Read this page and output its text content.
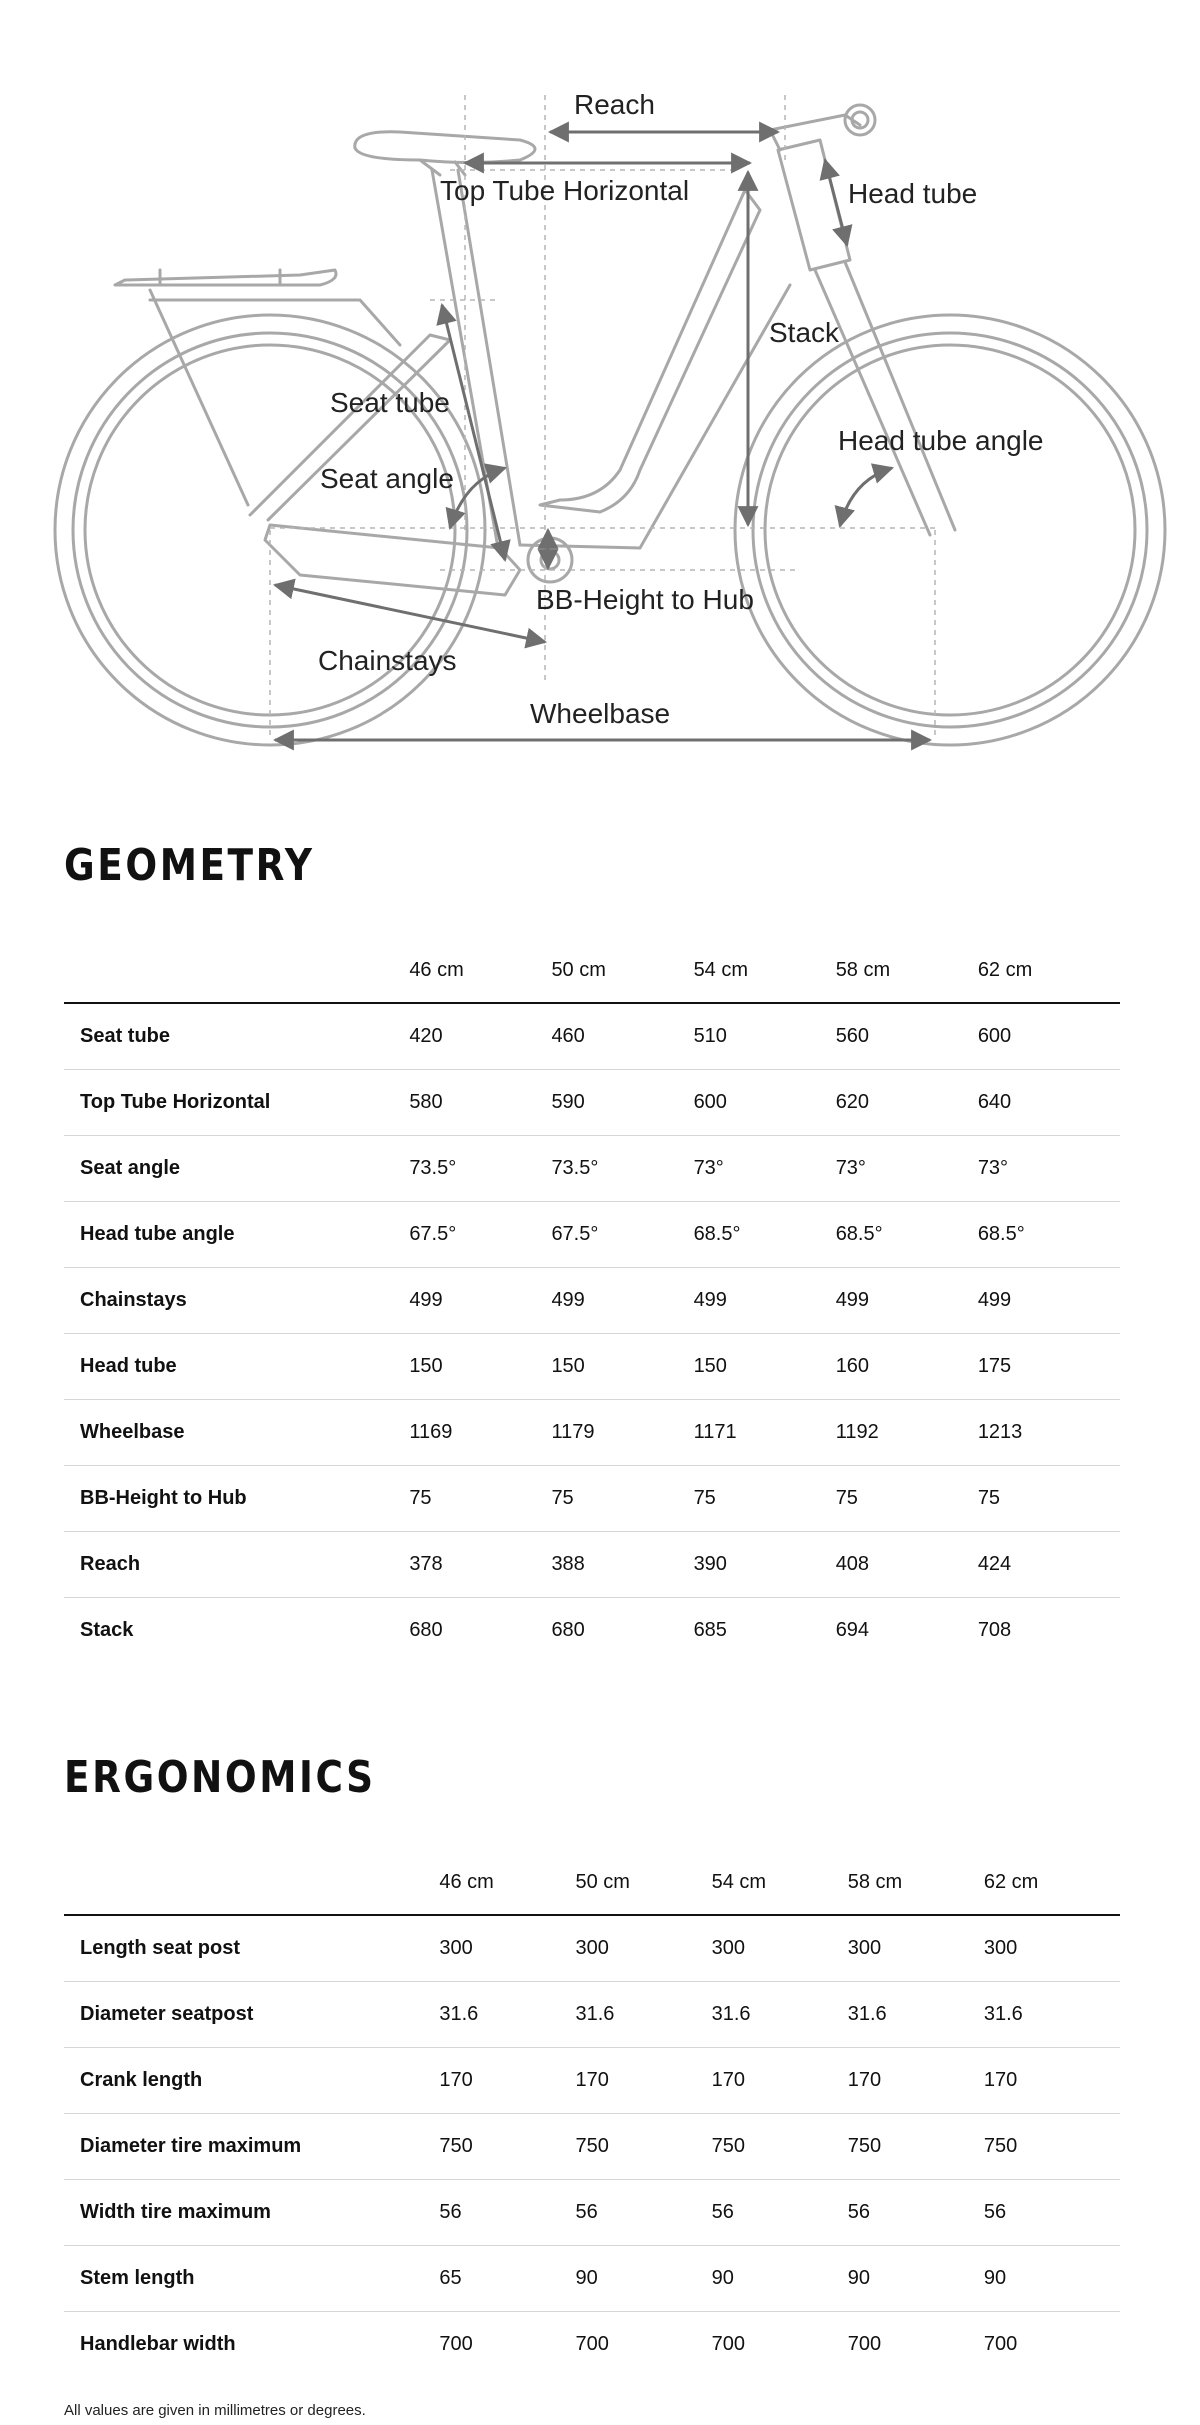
Reach
Top Tube Horizontal	Head tube
Stack
Seat tube
Head tube angle
Seat angle
BB-Height to Hub
Chainstays
Wheelbase
GEOMETRY
	46 cm	50 cm	54 cm	58 cm	62 cm
Seat tube	420	460	510	560	600
Top Tube Horizontal	580	590	600	620	640
Seat angle	73.5°	73.5°	73°	73°	73°
Head tube angle	67.5°	67.5°	68.5°	68.5°	68.5°
Chainstays	499	499	499	499	499
Head tube	150	150	150	160	175
Wheelbase	1169	1179	1171	1192	1213
BB-Height to Hub	75	75	75	75	75
Reach	378	388	390	408	424
Stack	680	680	685	694	708
ERGONOMICS
	46 cm	50 cm	54 cm	58 cm	62 cm
Length seat post	300	300	300	300	300
Diameter seatpost	31.6	31.6	31.6	31.6	31.6
Crank length	170	170	170	170	170
Diameter tire maximum	750	750	750	750	750
Width tire maximum	56	56	56	56	56
Stem length	65	90	90	90	90
Handlebar width	700	700	700	700	700

All values are given in millimetres or degrees.
